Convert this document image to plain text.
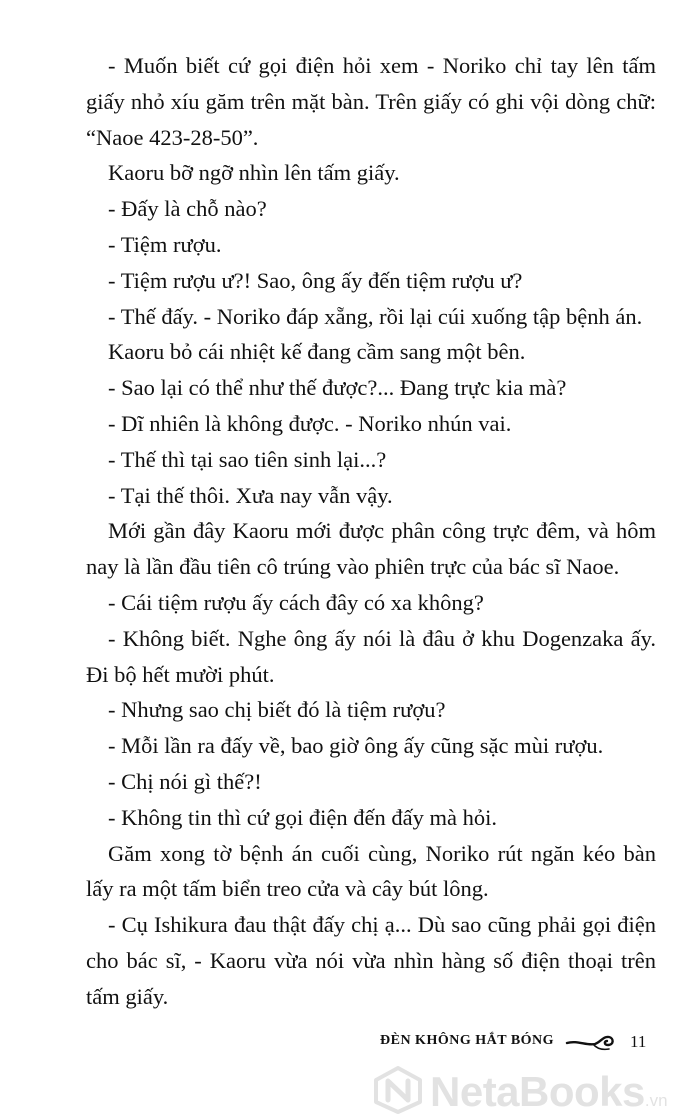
- Muốn biết cứ gọi điện hỏi xem - Noriko chỉ tay lên tấm giấy nhỏ xíu găm trên mặt bàn. Trên giấy có ghi vội dòng chữ: “Naoe 423-28-50”.

Kaoru bỡ ngỡ nhìn lên tấm giấy.

- Đấy là chỗ nào?

- Tiệm rượu.

- Tiệm rượu ư?! Sao, ông ấy đến tiệm rượu ư?

- Thế đấy. - Noriko đáp xẵng, rồi lại cúi xuống tập bệnh án.

Kaoru bỏ cái nhiệt kế đang cầm sang một bên.

- Sao lại có thể như thế được?... Đang trực kia mà?

- Dĩ nhiên là không được. - Noriko nhún vai.

- Thế thì tại sao tiên sinh lại...?

- Tại thế thôi. Xưa nay vẫn vậy.

Mới gần đây Kaoru mới được phân công trực đêm, và hôm nay là lần đầu tiên cô trúng vào phiên trực của bác sĩ Naoe.

- Cái tiệm rượu ấy cách đây có xa không?

- Không biết. Nghe ông ấy nói là đâu ở khu Dogenzaka ấy. Đi bộ hết mười phút.

- Nhưng sao chị biết đó là tiệm rượu?

- Mỗi lần ra đấy về, bao giờ ông ấy cũng sặc mùi rượu.

- Chị nói gì thế?!

- Không tin thì cứ gọi điện đến đấy mà hỏi.

Găm xong tờ bệnh án cuối cùng, Noriko rút ngăn kéo bàn lấy ra một tấm biển treo cửa và cây bút lông.

- Cụ Ishikura đau thật đấy chị ạ... Dù sao cũng phải gọi điện cho bác sĩ, - Kaoru vừa nói vừa nhìn hàng số điện thoại trên tấm giấy.

ĐÈN KHÔNG HẮT BÓNG	11
NetaBooks.vn
